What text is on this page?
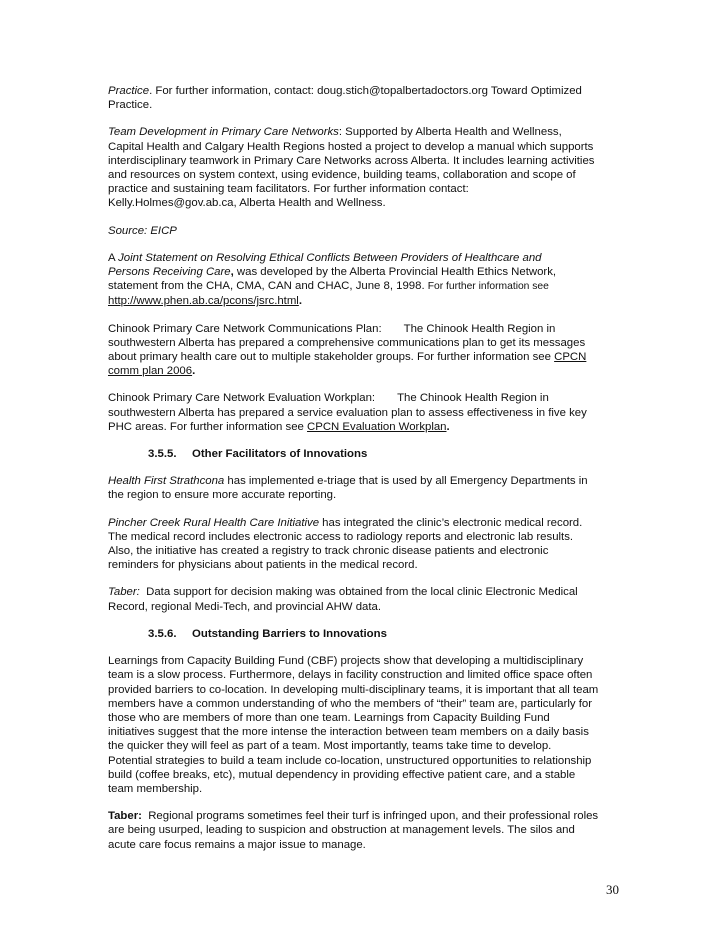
Practice. For further information, contact: doug.stich@topalbertadoctors.org Toward Optimized
Practice.

Team Development in Primary Care Networks: Supported by Alberta Health and Wellness,
Capital Health and Calgary Health Regions hosted a project to develop a manual which supports
interdisciplinary teamwork in Primary Care Networks across Alberta. It includes learning activities
and resources on system context, using evidence, building teams, collaboration and scope of
practice and sustaining team facilitators. For further information contact:
Kelly.Holmes@gov.ab.ca, Alberta Health and Wellness.

Source: EICP

A Joint Statement on Resolving Ethical Conflicts Between Providers of Healthcare and
Persons Receiving Care, was developed by the Alberta Provincial Health Ethics Network,
statement from the CHA, CMA, CAN and CHAC, June 8, 1998. For further information see
http://www.phen.ab.ca/pcons/jsrc.html.

Chinook Primary Care Network Communications Plan: The Chinook Health Region in
southwestern Alberta has prepared a comprehensive communications plan to get its messages
about primary health care out to multiple stakeholder groups. For further information see CPCN
comm plan 2006.

Chinook Primary Care Network Evaluation Workplan: The Chinook Health Region in
southwestern Alberta has prepared a service evaluation plan to assess effectiveness in five key
PHC areas. For further information see CPCN Evaluation Workplan.

3.5.5. Other Facilitators of Innovations

Health First Strathcona has implemented e-triage that is used by all Emergency Departments in
the region to ensure more accurate reporting.

Pincher Creek Rural Health Care Initiative has integrated the clinic’s electronic medical record.
The medical record includes electronic access to radiology reports and electronic lab results.
Also, the initiative has created a registry to track chronic disease patients and electronic
reminders for physicians about patients in the medical record.

Taber:  Data support for decision making was obtained from the local clinic Electronic Medical
Record, regional Medi-Tech, and provincial AHW data.

3.5.6. Outstanding Barriers to Innovations

Learnings from Capacity Building Fund (CBF) projects show that developing a multidisciplinary
team is a slow process. Furthermore, delays in facility construction and limited office space often
provided barriers to co-location. In developing multi-disciplinary teams, it is important that all team
members have a common understanding of who the members of “their” team are, particularly for
those who are members of more than one team. Learnings from Capacity Building Fund
initiatives suggest that the more intense the interaction between team members on a daily basis
the quicker they will feel as part of a team. Most importantly, teams take time to develop.
Potential strategies to build a team include co-location, unstructured opportunities to relationship
build (coffee breaks, etc), mutual dependency in providing effective patient care, and a stable
team membership.

Taber:  Regional programs sometimes feel their turf is infringed upon, and their professional roles
are being usurped, leading to suspicion and obstruction at management levels. The silos and
acute care focus remains a major issue to manage.

30
